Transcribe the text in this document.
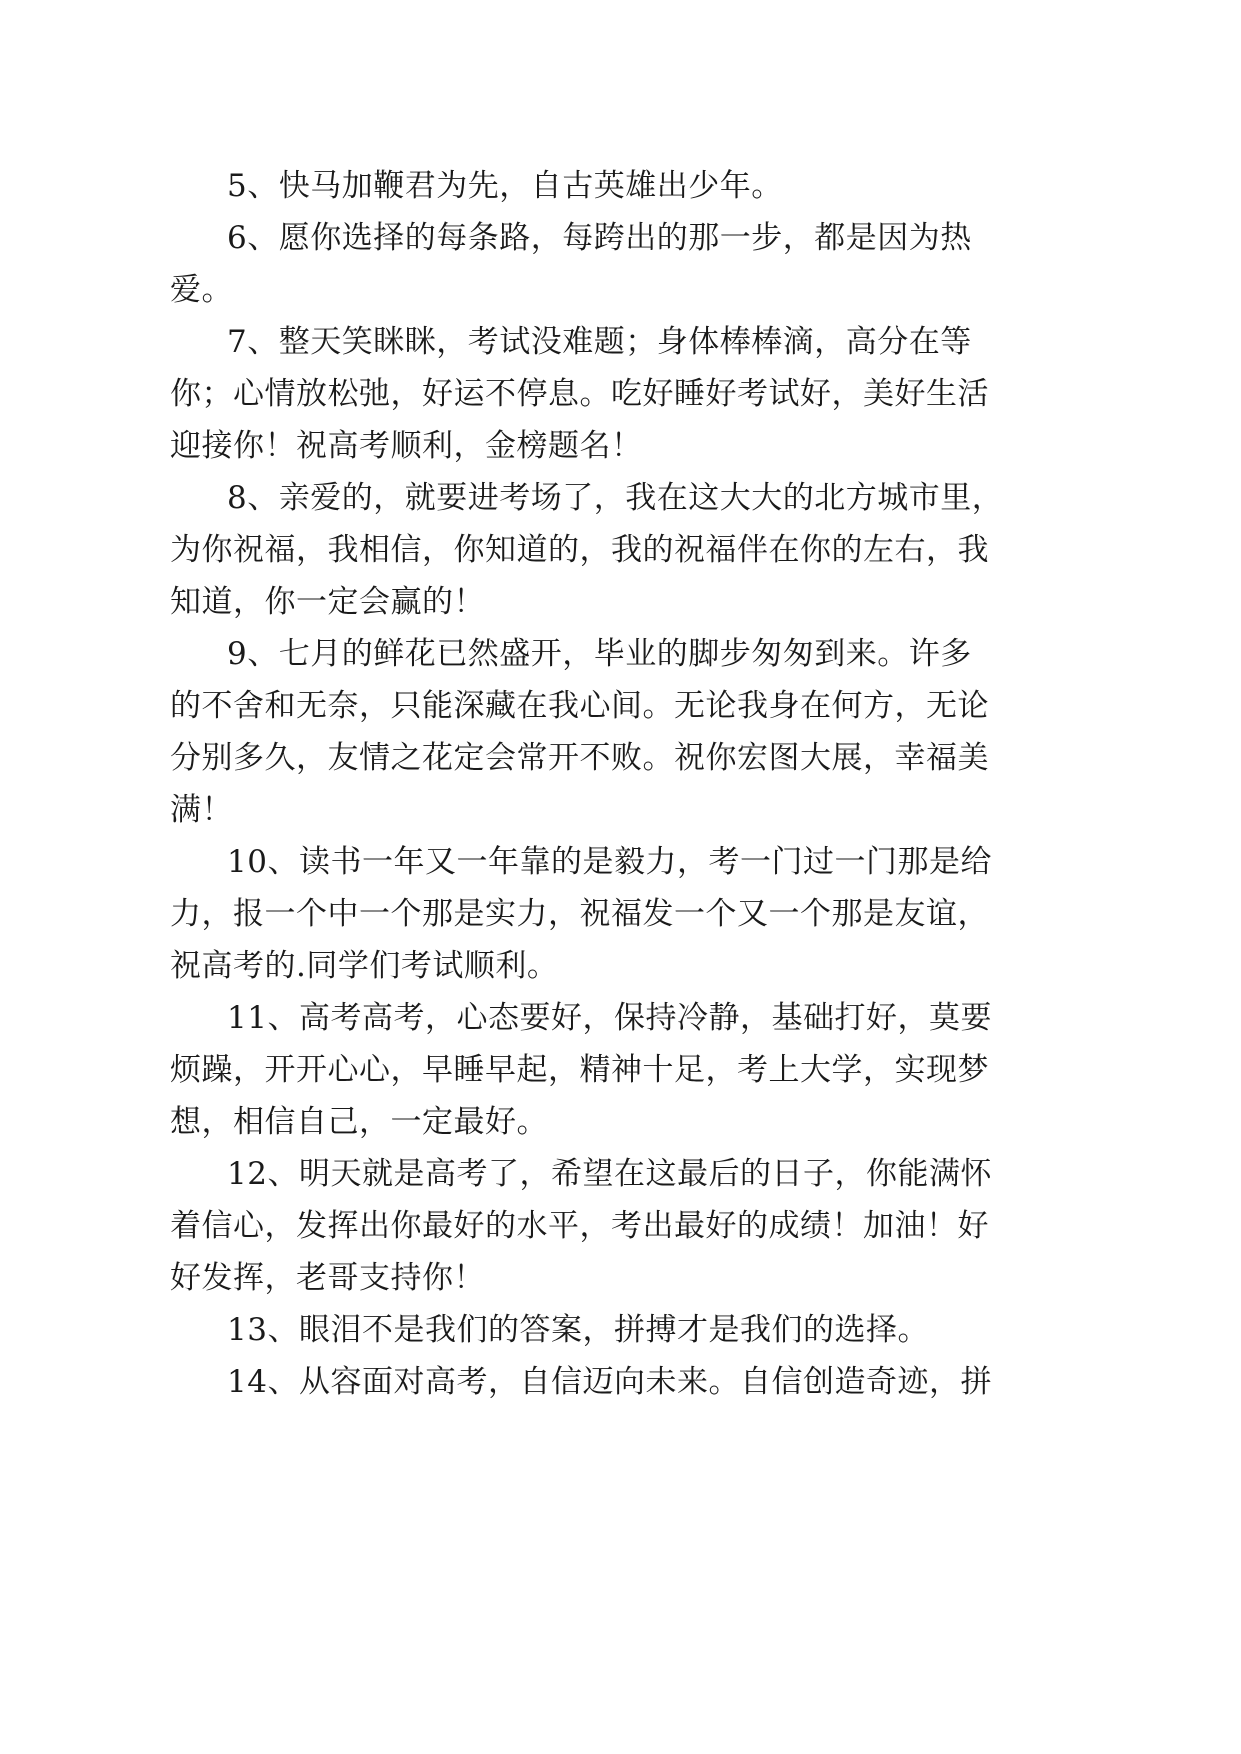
5、快马加鞭君为先，自古英雄出少年。
6、愿你选择的每条路，每跨出的那一步，都是因为热
爱。
7、整天笑眯眯，考试没难题；身体棒棒滴，高分在等
你；心情放松弛，好运不停息。吃好睡好考试好，美好生活
迎接你！祝高考顺利，金榜题名！
8、亲爱的，就要进考场了，我在这大大的北方城市里，
为你祝福，我相信，你知道的，我的祝福伴在你的左右，我
知道，你一定会赢的！
9、七月的鲜花已然盛开，毕业的脚步匆匆到来。许多
的不舍和无奈，只能深藏在我心间。无论我身在何方，无论
分别多久，友情之花定会常开不败。祝你宏图大展，幸福美
满！
10、读书一年又一年靠的是毅力，考一门过一门那是给
力，报一个中一个那是实力，祝福发一个又一个那是友谊，
祝高考的.同学们考试顺利。
11、高考高考，心态要好，保持冷静，基础打好，莫要
烦躁，开开心心，早睡早起，精神十足，考上大学，实现梦
想，相信自己，一定最好。
12、明天就是高考了，希望在这最后的日子，你能满怀
着信心，发挥出你最好的水平，考出最好的成绩！加油！好
好发挥，老哥支持你！
13、眼泪不是我们的答案，拼搏才是我们的选择。
14、从容面对高考，自信迈向未来。自信创造奇迹，拼
